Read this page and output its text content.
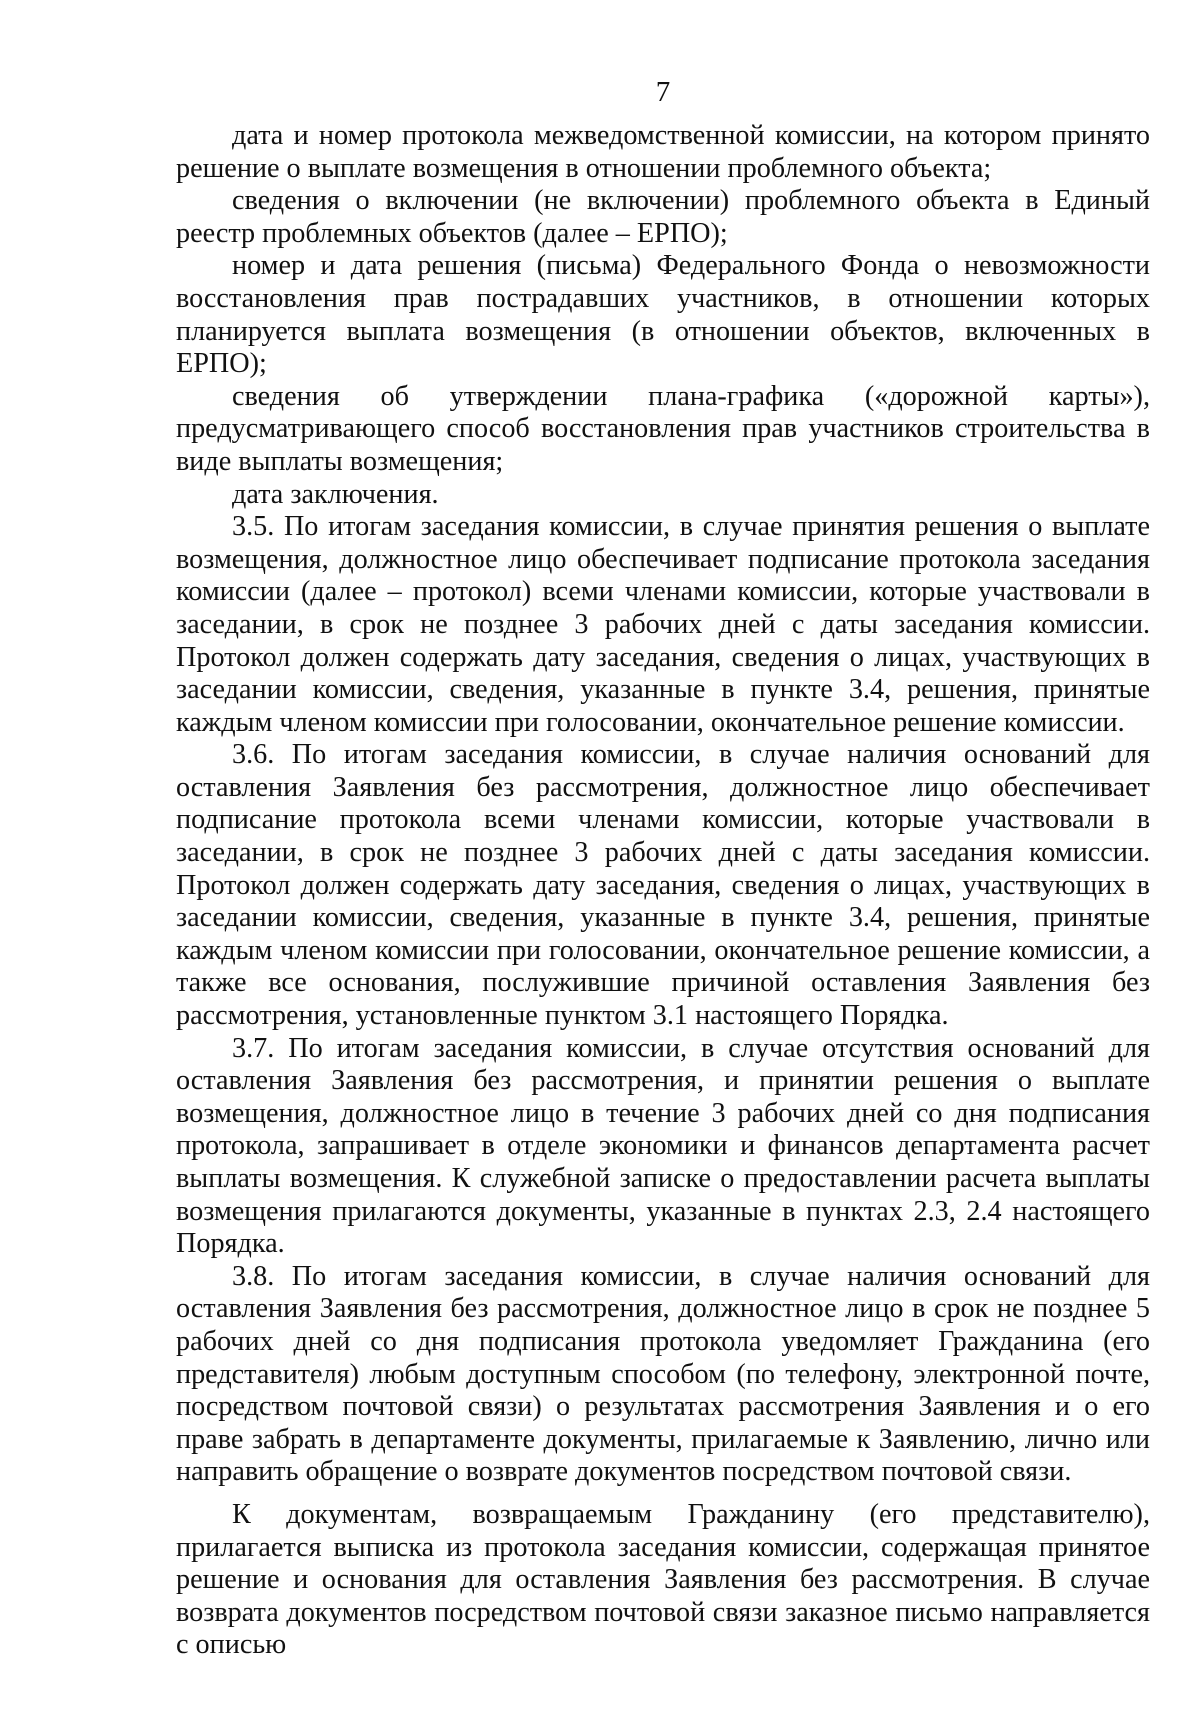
7

дата и номер протокола межведомственной комиссии, на котором принято решение о выплате возмещения в отношении проблемного объекта;

сведения о включении (не включении) проблемного объекта в Единый реестр проблемных объектов (далее – ЕРПО);

номер и дата решения (письма) Федерального Фонда о невозможности восстановления прав пострадавших участников, в отношении которых планируется выплата возмещения (в отношении объектов, включенных в ЕРПО);

сведения об утверждении плана-графика («дорожной карты»), предусматривающего способ восстановления прав участников строительства в виде выплаты возмещения;

дата заключения.

3.5. По итогам заседания комиссии, в случае принятия решения о выплате возмещения, должностное лицо обеспечивает подписание протокола заседания комиссии (далее – протокол) всеми членами комиссии, которые участвовали в заседании, в срок не позднее 3 рабочих дней с даты заседания комиссии. Протокол должен содержать дату заседания, сведения о лицах, участвующих в заседании комиссии, сведения, указанные в пункте 3.4, решения, принятые каждым членом комиссии при голосовании, окончательное решение комиссии.

3.6. По итогам заседания комиссии, в случае наличия оснований для оставления Заявления без рассмотрения, должностное лицо обеспечивает подписание протокола всеми членами комиссии, которые участвовали в заседании, в срок не позднее 3 рабочих дней с даты заседания комиссии. Протокол должен содержать дату заседания, сведения о лицах, участвующих в заседании комиссии, сведения, указанные в пункте 3.4, решения, принятые каждым членом комиссии при голосовании, окончательное решение комиссии, а также все основания, послужившие причиной оставления Заявления без рассмотрения, установленные пунктом 3.1 настоящего Порядка.

3.7. По итогам заседания комиссии, в случае отсутствия оснований для оставления Заявления без рассмотрения, и принятии решения о выплате возмещения, должностное лицо в течение 3 рабочих дней со дня подписания протокола, запрашивает в отделе экономики и финансов департамента расчет выплаты возмещения. К служебной записке о предоставлении расчета выплаты возмещения прилагаются документы, указанные в пунктах 2.3, 2.4 настоящего Порядка.

3.8. По итогам заседания комиссии, в случае наличия оснований для оставления Заявления без рассмотрения, должностное лицо в срок не позднее 5 рабочих дней со дня подписания протокола уведомляет Гражданина (его представителя) любым доступным способом (по телефону, электронной почте, посредством почтовой связи) о результатах рассмотрения Заявления и о его праве забрать в департаменте документы, прилагаемые к Заявлению, лично или направить обращение о возврате документов посредством почтовой связи.

К документам, возвращаемым Гражданину (его представителю), прилагается выписка из протокола заседания комиссии, содержащая принятое решение и основания для оставления Заявления без рассмотрения. В случае возврата документов посредством почтовой связи заказное письмо направляется с описью
